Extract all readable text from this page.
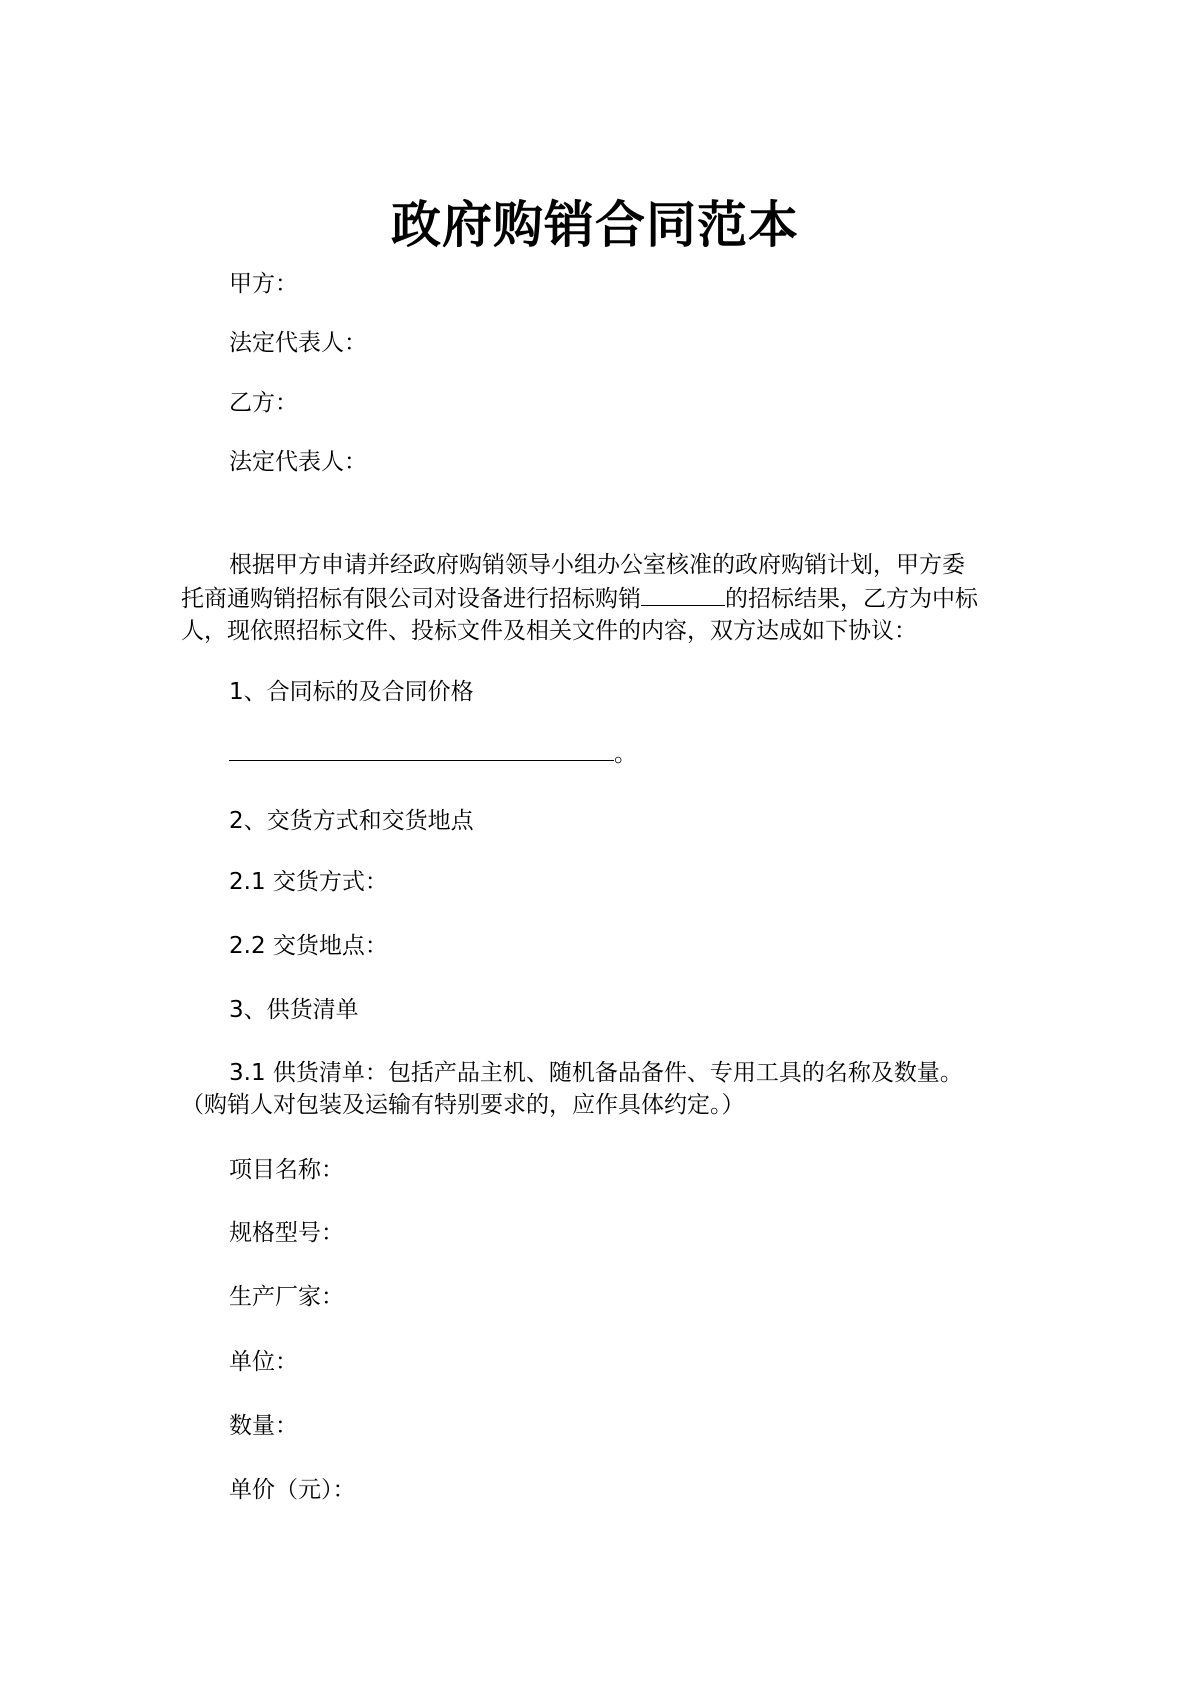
政府购销合同范本
甲方：
法定代表人：
乙方：
法定代表人：
根据甲方申请并经政府购销领导小组办公室核准的政府购销计划，甲方委
托商通购销招标有限公司对设备进行招标购销	的招标结果，乙方为中标
人，现依照招标文件、投标文件及相关文件的内容，双方达成如下协议：
1、合同标的及合同价格
。
2、交货方式和交货地点
2.1 交货方式：
2.2 交货地点：
3、供货清单
3.1 供货清单：包括产品主机、随机备品备件、专用工具的名称及数量。
（购销人对包装及运输有特别要求的，应作具体约定。）
项目名称：
规格型号：
生产厂家：
单位：
数量：
单价（元）：
